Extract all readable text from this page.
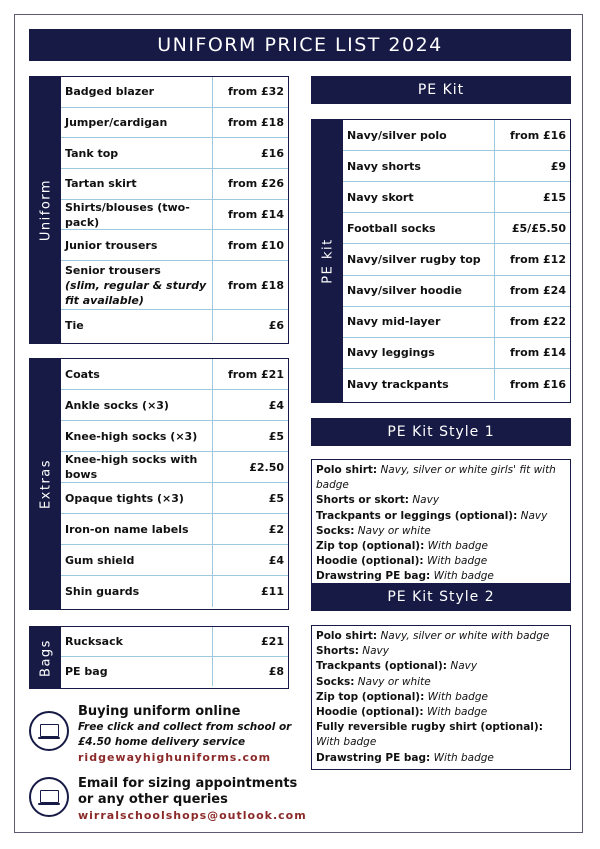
UNIFORM PRICE LIST 2024
Uniform
Badged blazer	from £32
Jumper/cardigan	from £18
Tank top	£16
Tartan skirt	from £26
Shirts/blouses (two-pack)
from £14
Junior trousers	from £10
Senior trousers
(slim, regular & sturdy fit available)
from £18
Tie	£6
Extras
Coats	from £21
Ankle socks (×3)	£4
Knee-high socks (×3)	£5
Knee-high socks with bows
£2.50
Opaque tights (×3)	£5
Iron-on name labels	£2
Gum shield	£4
Shin guards	£11
Bags Rucksack	£21
PE bag	£8
PE Kit
PE kit
Navy/silver polo	from £16
Navy shorts	£9
Navy skort	£15
Football socks	£5/£5.50
Navy/silver rugby top	from £12
Navy/silver hoodie	from £24
Navy mid-layer	from £22
Navy leggings	from £14
Navy trackpants	from £16
PE Kit Style 1
Polo shirt: Navy, silver or white girls' fit with badge
Shorts or skort: Navy
Trackpants or leggings (optional): Navy
Socks: Navy or white
Zip top (optional): With badge
Hoodie (optional): With badge
Drawstring PE bag: With badge
PE Kit Style 2
Polo shirt: Navy, silver or white with badge
Shorts: Navy
Trackpants (optional): Navy
Socks: Navy or white
Zip top (optional): With badge
Hoodie (optional): With badge
Fully reversible rugby shirt (optional): With badge
Drawstring PE bag: With badge
Buying uniform online
Free click and collect from school or £4.50 home delivery service
ridgewayhighuniforms.com
Email for sizing appointments or any other queries
wirralschoolshops@outlook.com
